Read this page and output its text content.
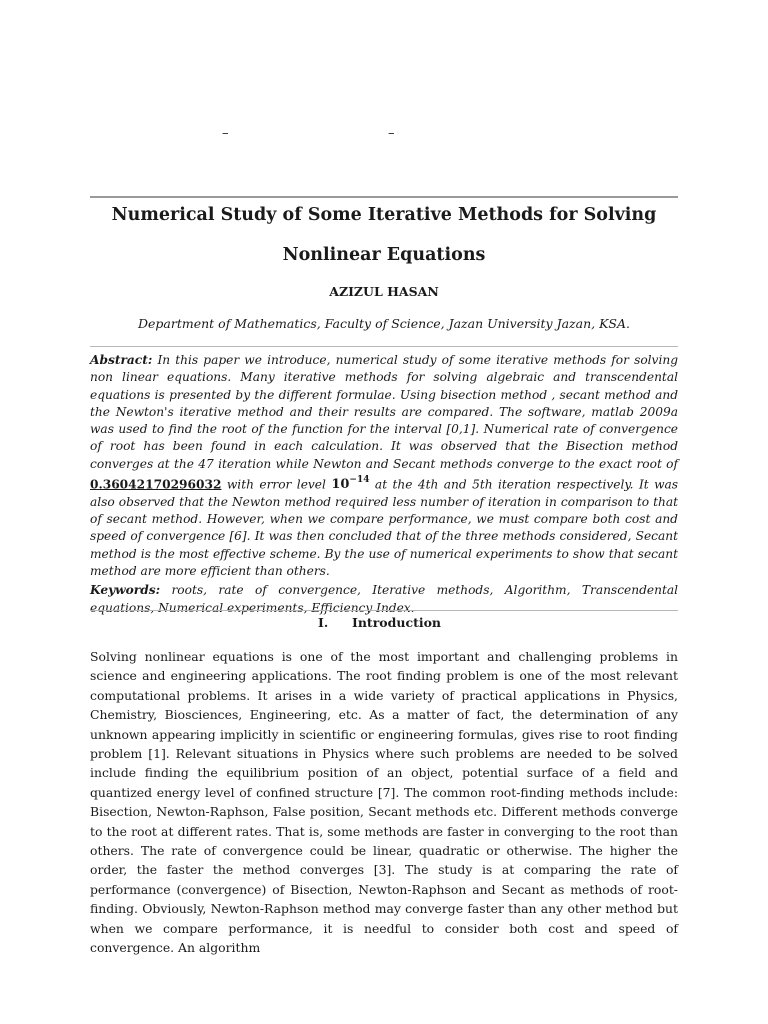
–	–
Numerical Study of Some Iterative Methods for Solving
Nonlinear Equations
AZIZUL HASAN
Department of Mathematics, Faculty of Science, Jazan University Jazan, KSA.

Abstract: In this paper we introduce, numerical study of some iterative methods for solving non linear equations. Many iterative methods for solving algebraic and transcendental equations is presented by the different formulae. Using bisection method , secant method and the Newton's iterative method and their results are compared. The software, matlab 2009a was used to find the root of the function for the interval [0,1]. Numerical rate of convergence of root has been found in each calculation. It was observed that the Bisection method converges at the 47 iteration while Newton and Secant methods converge to the exact root of 0.36042170296032 with error level $10^{-14}$ at the 4th and 5th iteration respectively. It was also observed that the Newton method required less number of iteration in comparison to that of secant method. However, when we compare performance, we must compare both cost and speed of convergence [6]. It was then concluded that of the three methods considered, Secant method is the most effective scheme. By the use of numerical experiments to show that secant method are more efficient than others.

Keywords: roots, rate of convergence, Iterative methods, Algorithm, Transcendental equations, Numerical experiments, Efficiency Index.

I. Introduction

Solving nonlinear equations is one of the most important and challenging problems in science and engineering applications. The root finding problem is one of the most relevant computational problems. It arises in a wide variety of practical applications in Physics, Chemistry, Biosciences, Engineering, etc. As a matter of fact, the determination of any unknown appearing implicitly in scientific or engineering formulas, gives rise to root finding problem [1]. Relevant situations in Physics where such problems are needed to be solved include finding the equilibrium position of an object, potential surface of a field and quantized energy level of confined structure [7]. The common root-finding methods include: Bisection, Newton-Raphson, False position, Secant methods etc. Different methods converge to the root at different rates. That is, some methods are faster in converging to the root than others. The rate of convergence could be linear, quadratic or otherwise. The higher the order, the faster the method converges [3]. The study is at comparing the rate of performance (convergence) of Bisection, Newton-Raphson and Secant as methods of root-finding. Obviously, Newton-Raphson method may converge faster than any other method but when we compare performance, it is needful to consider both cost and speed of convergence. An algorithm
